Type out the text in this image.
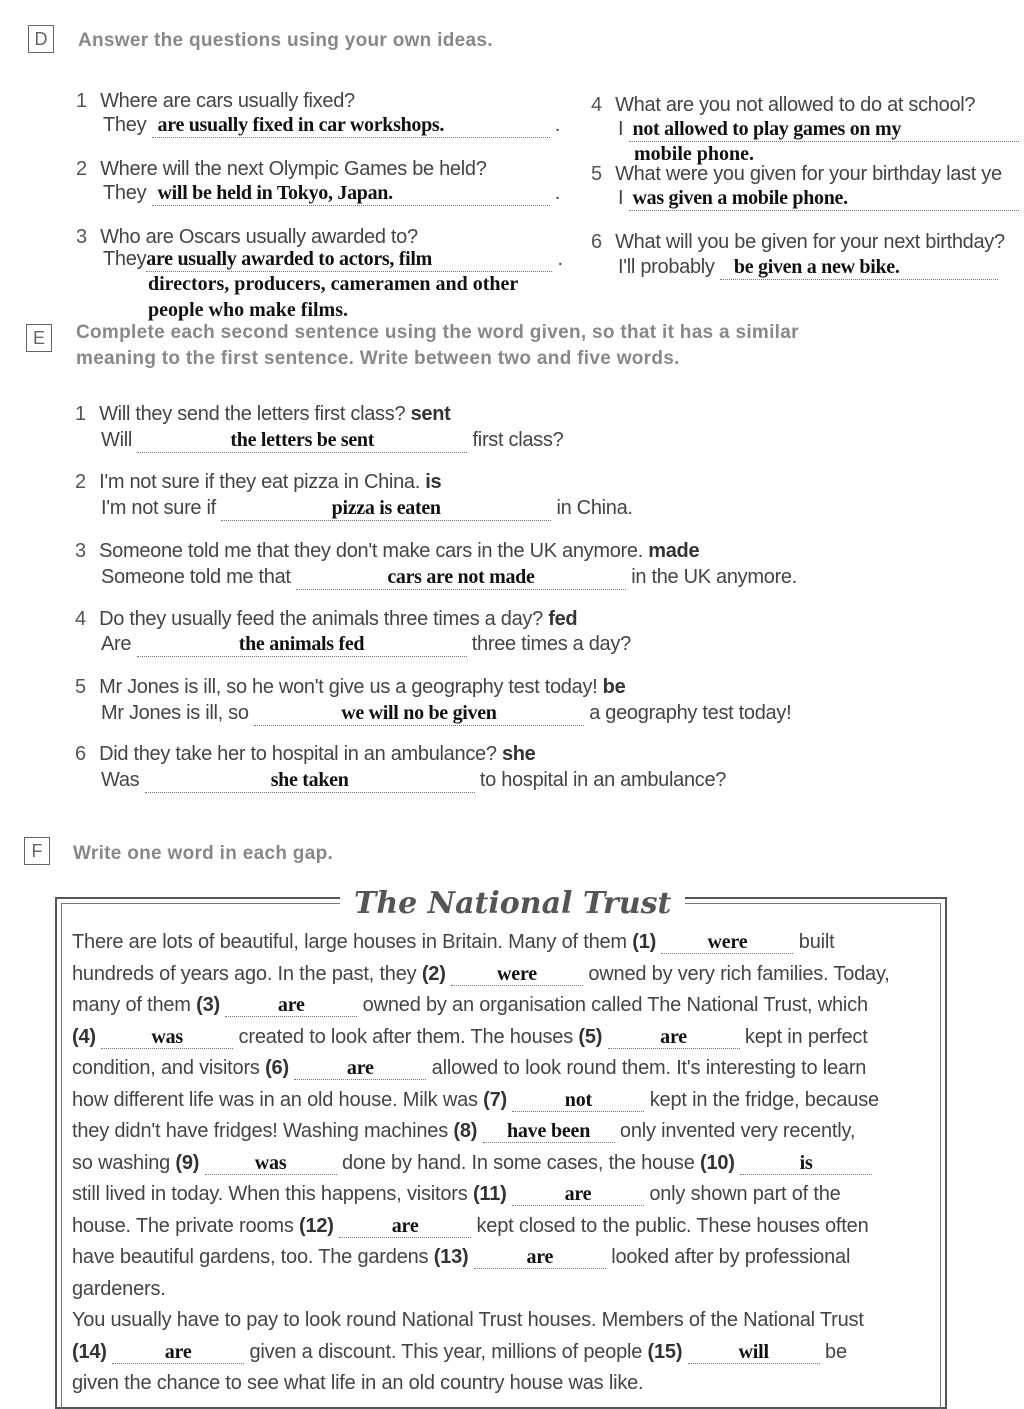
D	Answer the questions using your own ideas.
1 Where are cars usually fixed?
They are usually fixed in car workshops.	.
2 Where will the next Olympic Games be held?
They will be held in Tokyo, Japan.	.
3 Who are Oscars usually awarded to?
Theyare usually awarded to actors, film	.
directors, producers, cameramen and other
people who make films.
4 What are you not allowed to do at school?
I not allowed to play games on my
mobile phone.
5 What were you given for your birthday last ye
I was given a mobile phone.
6 What will you be given for your next birthday?
I'll probably be given a new bike.
E	Complete each second sentence using the word given, so that it has a similar
meaning to the first sentence. Write between two and five words.
1 Will they send the letters first class? sent
Will	the letters be sent	first class?
2 I'm not sure if they eat pizza in China. is
I'm not sure if	pizza is eaten	in China.
3 Someone told me that they don't make cars in the UK anymore. made
Someone told me that	cars are not made	in the UK anymore.
4 Do they usually feed the animals three times a day? fed
Are	the animals fed	three times a day?
5 Mr Jones is ill, so he won't give us a geography test today! be
Mr Jones is ill, so	we will no be given	a geography test today!
6 Did they take her to hospital in an ambulance? she
Was	she taken	to hospital in an ambulance?
F	Write one word in each gap.
The National Trust
There are lots of beautiful, large houses in Britain. Many of them (1)	were built
hundreds of years ago. In the past, they (2)	were owned by very rich families. Today,
many of them (3)	are	owned by an organisation called The National Trust, which
(4)	was	created to look after them. The houses (5)	are	kept in perfect
condition, and visitors (6)	are	allowed to look round them. It's interesting to learn
how different life was in an old house. Milk was (7)	not	kept in the fridge, because
they didn't have fridges! Washing machines (8) have been only invented very recently,
so washing (9)	was	done by hand. In some cases, the house (10)	is
still lived in today. When this happens, visitors (11)	are	only shown part of the
house. The private rooms (12)	are	kept closed to the public. These houses often
have beautiful gardens, too. The gardens (13)	are	looked after by professional
gardeners.
You usually have to pay to look round National Trust houses. Members of the National Trust
(14)	are	given a discount. This year, millions of people (15)	will	be
given the chance to see what life in an old country house was like.
